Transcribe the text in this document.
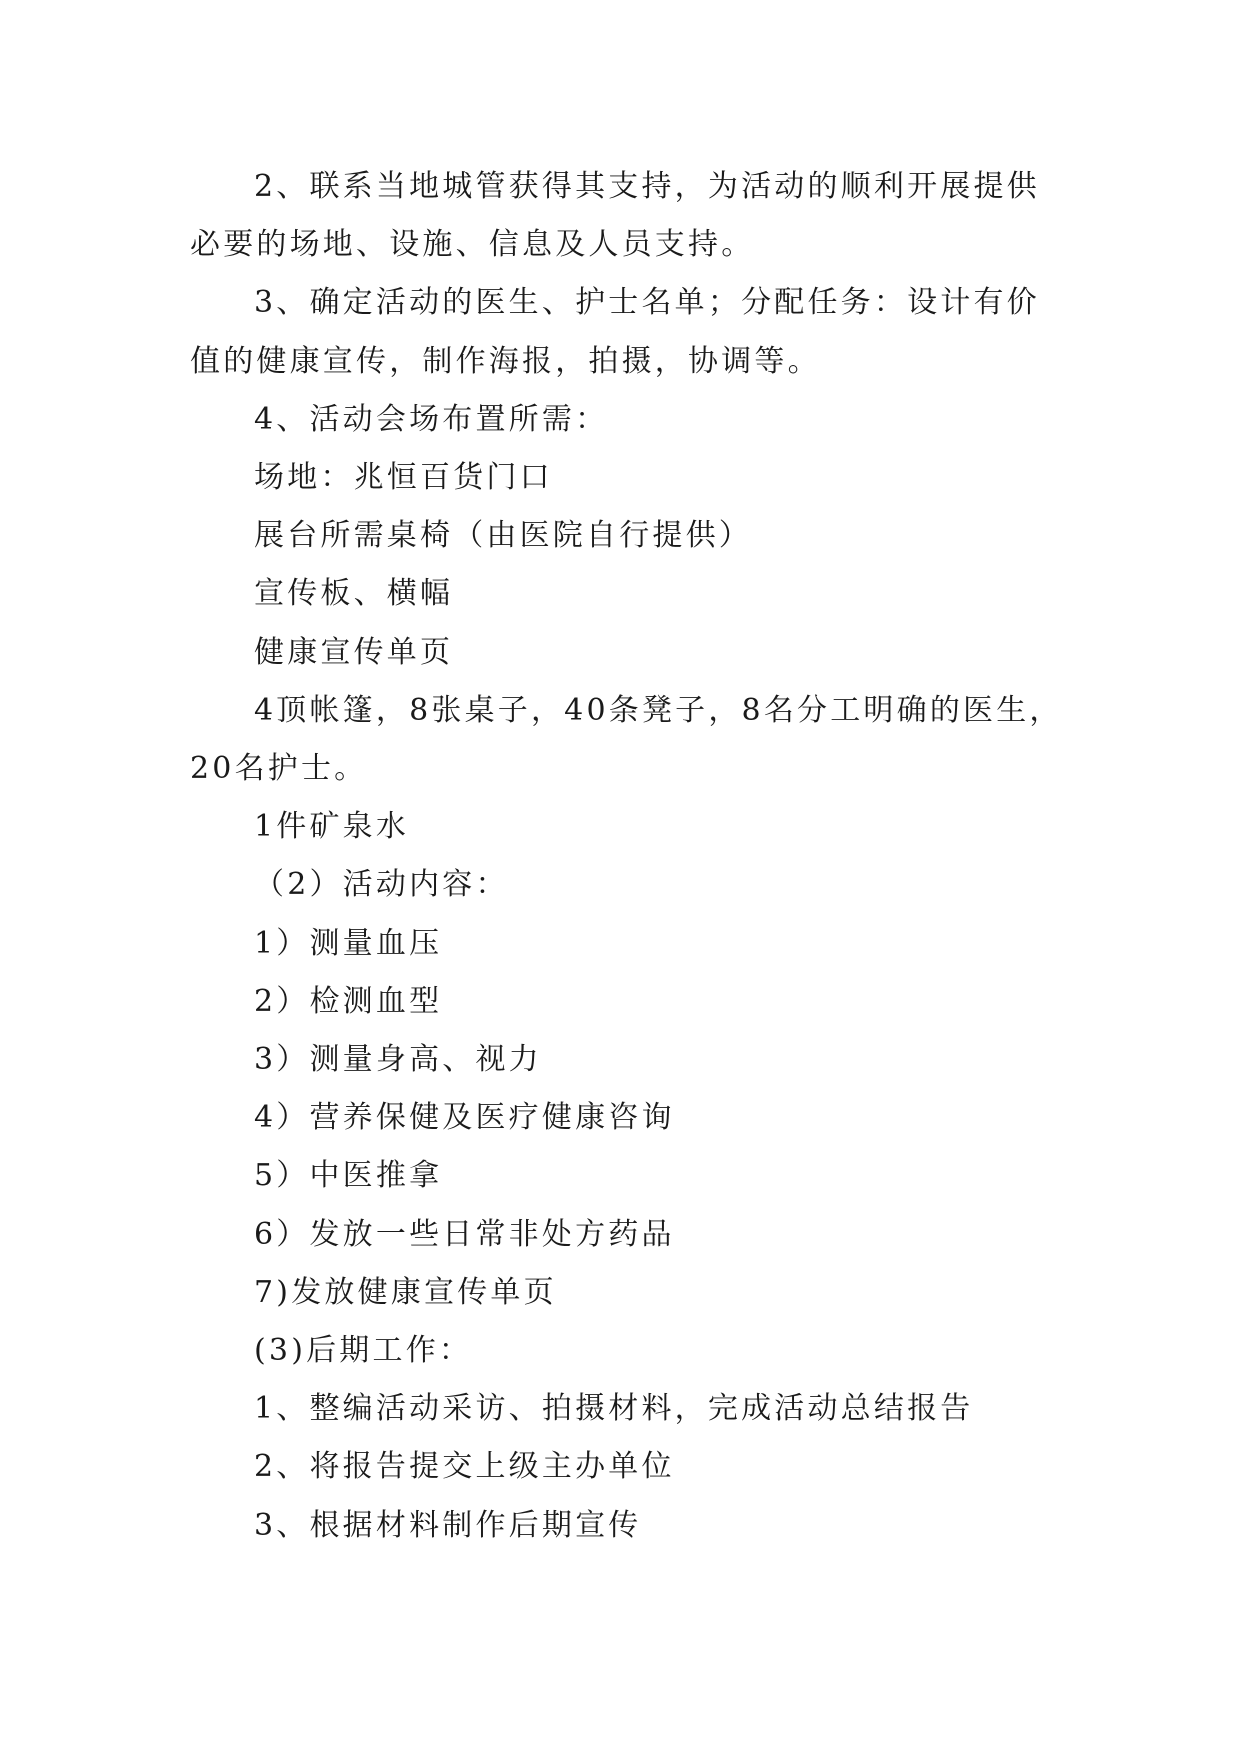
2、联系当地城管获得其支持，为活动的顺利开展提供必要的场地、设施、信息及人员支持。

3、确定活动的医生、护士名单；分配任务：设计有价值的健康宣传，制作海报，拍摄，协调等。

4、活动会场布置所需：

场地：兆恒百货门口

展台所需桌椅（由医院自行提供）

宣传板、横幅

健康宣传单页

4顶帐篷，8张桌子，40条凳子，8名分工明确的医生，20名护士。

1件矿泉水

（2）活动内容：

1）测量血压

2）检测血型

3）测量身高、视力

4）营养保健及医疗健康咨询

5）中医推拿

6）发放一些日常非处方药品

7)发放健康宣传单页

(3)后期工作：

1、整编活动采访、拍摄材料，完成活动总结报告

2、将报告提交上级主办单位

3、根据材料制作后期宣传
